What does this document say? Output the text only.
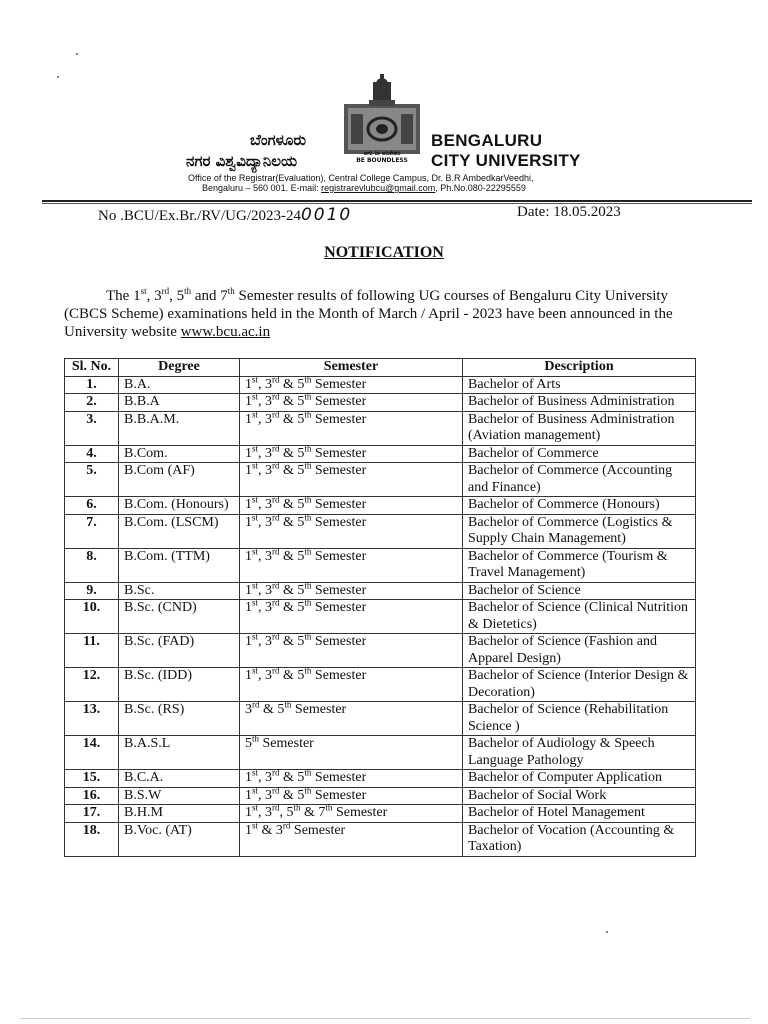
ಬೆಂಗಳೂರು
ನಗರ ವಿಶ್ವವಿದ್ಯಾನಿಲಯ	ಆಗು ನೀ ಅನಿಕೇತನ
BE BOUNDLESS
BENGALURU
CITY UNIVERSITY
Office of the Registrar(Evaluation), Central College Campus, Dr. B.R AmbedkarVeedhi,
Bengaluru – 560 001. E-mail: registrarevlubcu@gmail.com, Ph.No.080-22295559
No .BCU/Ex.Br./RV/UG/2023-240010	Date: 18.05.2023
NOTIFICATION

The 1st, 3rd, 5th and 7th Semester results of following UG courses of Bengaluru City University (CBCS Scheme) examinations held in the Month of March / April - 2023 have been announced in the University website www.bcu.ac.in

Sl. No.	Degree	Semester	Description
1.	B.A.	1st, 3rd & 5th Semester	Bachelor of Arts
2.	B.B.A	1st, 3rd & 5th Semester	Bachelor of Business Administration
3.	B.B.A.M.	1st, 3rd & 5th Semester	Bachelor of Business Administration (Aviation management)
4.	B.Com.	1st, 3rd & 5th Semester	Bachelor of Commerce
5.	B.Com (AF)	1st, 3rd & 5th Semester	Bachelor of Commerce (Accounting and Finance)
6.	B.Com. (Honours)	1st, 3rd & 5th Semester	Bachelor of Commerce (Honours)
7.	B.Com. (LSCM)	1st, 3rd & 5th Semester	Bachelor of Commerce (Logistics & Supply Chain Management)
8.	B.Com. (TTM)	1st, 3rd & 5th Semester	Bachelor of Commerce (Tourism & Travel Management)
9.	B.Sc.	1st, 3rd & 5th Semester	Bachelor of Science
10.	B.Sc. (CND)	1st, 3rd & 5th Semester	Bachelor of Science (Clinical Nutrition & Dietetics)
11.	B.Sc. (FAD)	1st, 3rd & 5th Semester	Bachelor of Science (Fashion and Apparel Design)
12.	B.Sc. (IDD)	1st, 3rd & 5th Semester	Bachelor of Science (Interior Design & Decoration)
13.	B.Sc. (RS)	3rd & 5th Semester	Bachelor of Science (Rehabilitation Science )
14.	B.A.S.L	5th Semester	Bachelor of Audiology & Speech Language Pathology
15.	B.C.A.	1st, 3rd & 5th Semester	Bachelor of Computer Application
16.	B.S.W	1st, 3rd & 5th Semester	Bachelor of Social Work
17.	B.H.M	1st, 3rd, 5th & 7th Semester	Bachelor of Hotel Management
18.	B.Voc. (AT)	1st & 3rd Semester	Bachelor of Vocation (Accounting & Taxation)
